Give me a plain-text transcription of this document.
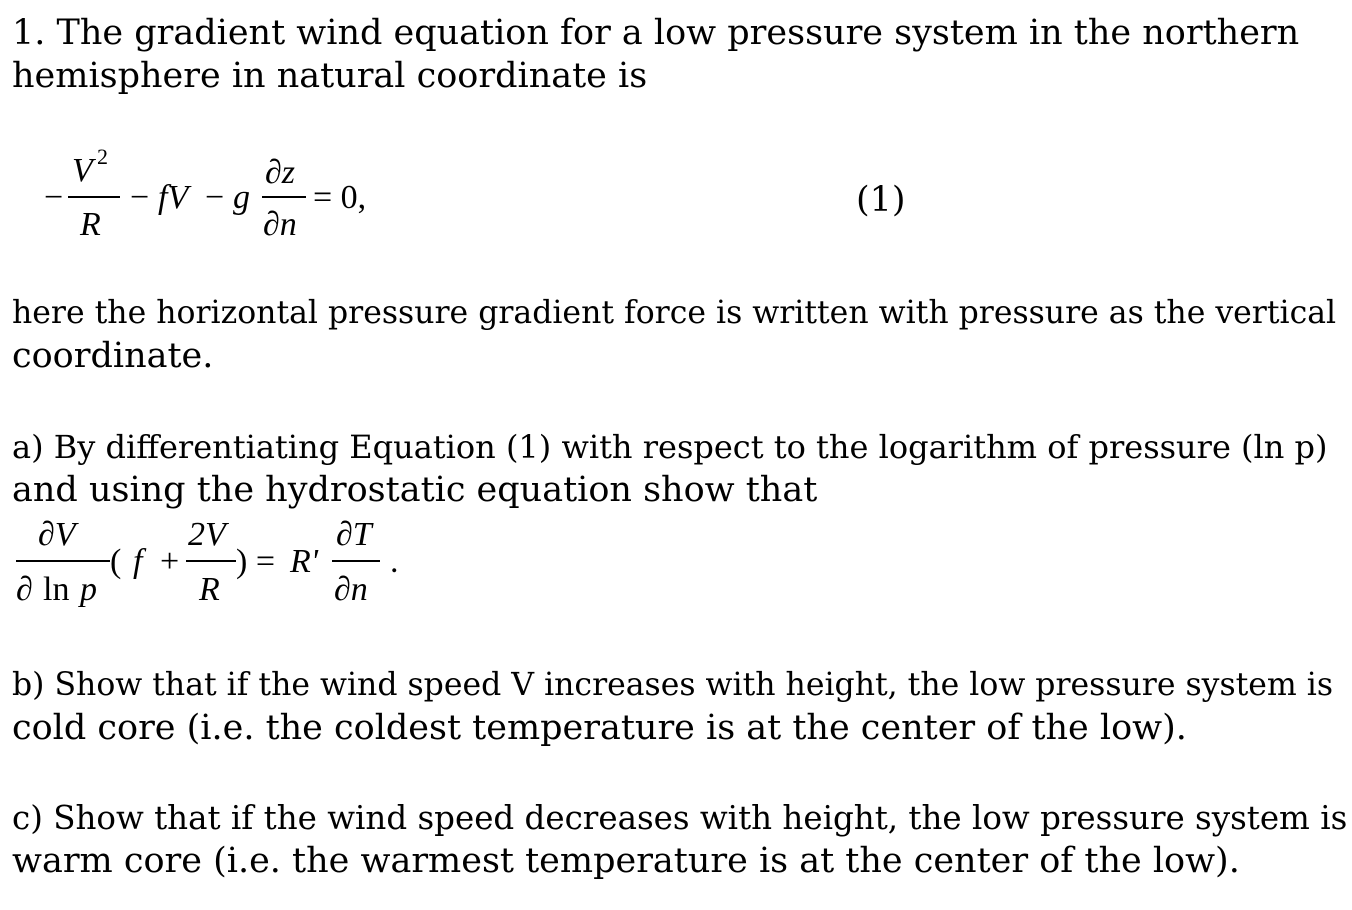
1. The gradient wind equation for a low pressure system in the northern
hemisphere in natural coordinate is

−
V 2
R
− fV − g
∂z
∂n
= 0,	(1)

here the horizontal pressure gradient force is written with pressure as the vertical
coordinate.

a) By differentiating Equation (1) with respect to the logarithm of pressure (ln p)
and using the hydrostatic equation show that

∂V
∂ ln p
( f +
2V
R
) = R'
∂T
∂n
.

b) Show that if the wind speed V increases with height, the low pressure system is
cold core (i.e. the coldest temperature is at the center of the low).

c) Show that if the wind speed decreases with height, the low pressure system is
warm core (i.e. the warmest temperature is at the center of the low).
